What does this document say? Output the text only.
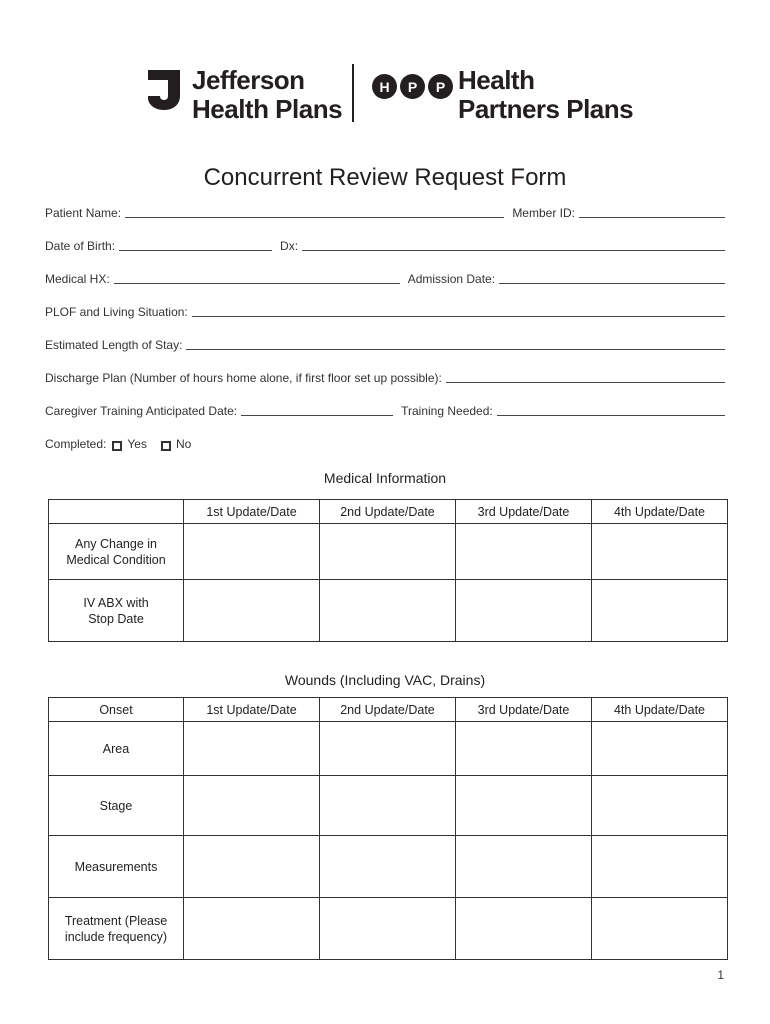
Jefferson
Health Plans
H	P	P Health
Partners Plans
Concurrent Review Request Form
Patient Name:	Member ID:
Date of Birth:	Dx:
Medical HX:	Admission Date:
PLOF and Living Situation:
Estimated Length of Stay:
Discharge Plan (Number of hours home alone, if first floor set up possible):
Caregiver Training Anticipated Date:	Training Needed:
Completed: Yes No
Medical Information
	1st Update/Date	2nd Update/Date	3rd Update/Date	4th Update/Date

Any Change in
Medical Condition				

IV ABX with
Stop Date				

Wounds (Including VAC, Drains)
Onset	1st Update/Date	2nd Update/Date	3rd Update/Date	4th Update/Date

Area				

Stage				

Measurements				

Treatment (Please
include frequency)				

1
